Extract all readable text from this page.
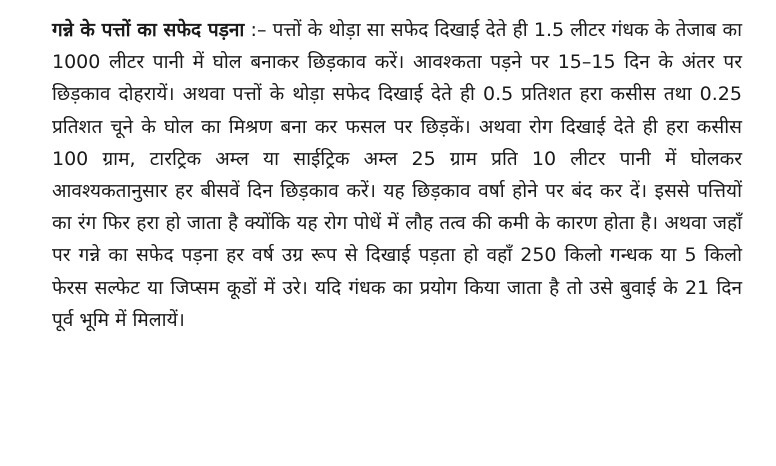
गन्ने के पत्तों का सफेद पड़ना :– पत्तों के थोड़ा सा सफेद दिखाई देते ही 1.5 लीटर गंधक के तेजाब का 1000 लीटर पानी में घोल बनाकर छिड़काव करें। आवश्कता पड़ने पर 15–15 दिन के अंतर पर छिड़काव दोहरायें। अथवा पत्तों के थोड़ा सफेद दिखाई देते ही 0.5 प्रतिशत हरा कसीस तथा 0.25 प्रतिशत चूने के घोल का मिश्रण बना कर फसल पर छिड़कें। अथवा रोग दिखाई देते ही हरा कसीस 100 ग्राम, टारट्रिक अम्ल या साईट्रिक अम्ल 25 ग्राम प्रति 10 लीटर पानी में घोलकर आवश्यकतानुसार हर बीसवें दिन छिड़काव करें। यह छिड़काव वर्षा होने पर बंद कर दें। इससे पत्तियों का रंग फिर हरा हो जाता है क्योंकि यह रोग पोधें में लौह तत्व की कमी के कारण होता है। अथवा जहॉं पर गन्ने का सफेद पड़ना हर वर्ष उग्र रूप से दिखाई पड़ता हो वहॉं 250 किलो गन्धक या 5 किलो फेरस सल्फेट या जिप्सम कूडों में उरे। यदि गंधक का प्रयोग किया जाता है तो उसे बुवाई के 21 दिन पूर्व भूमि में मिलायें।
